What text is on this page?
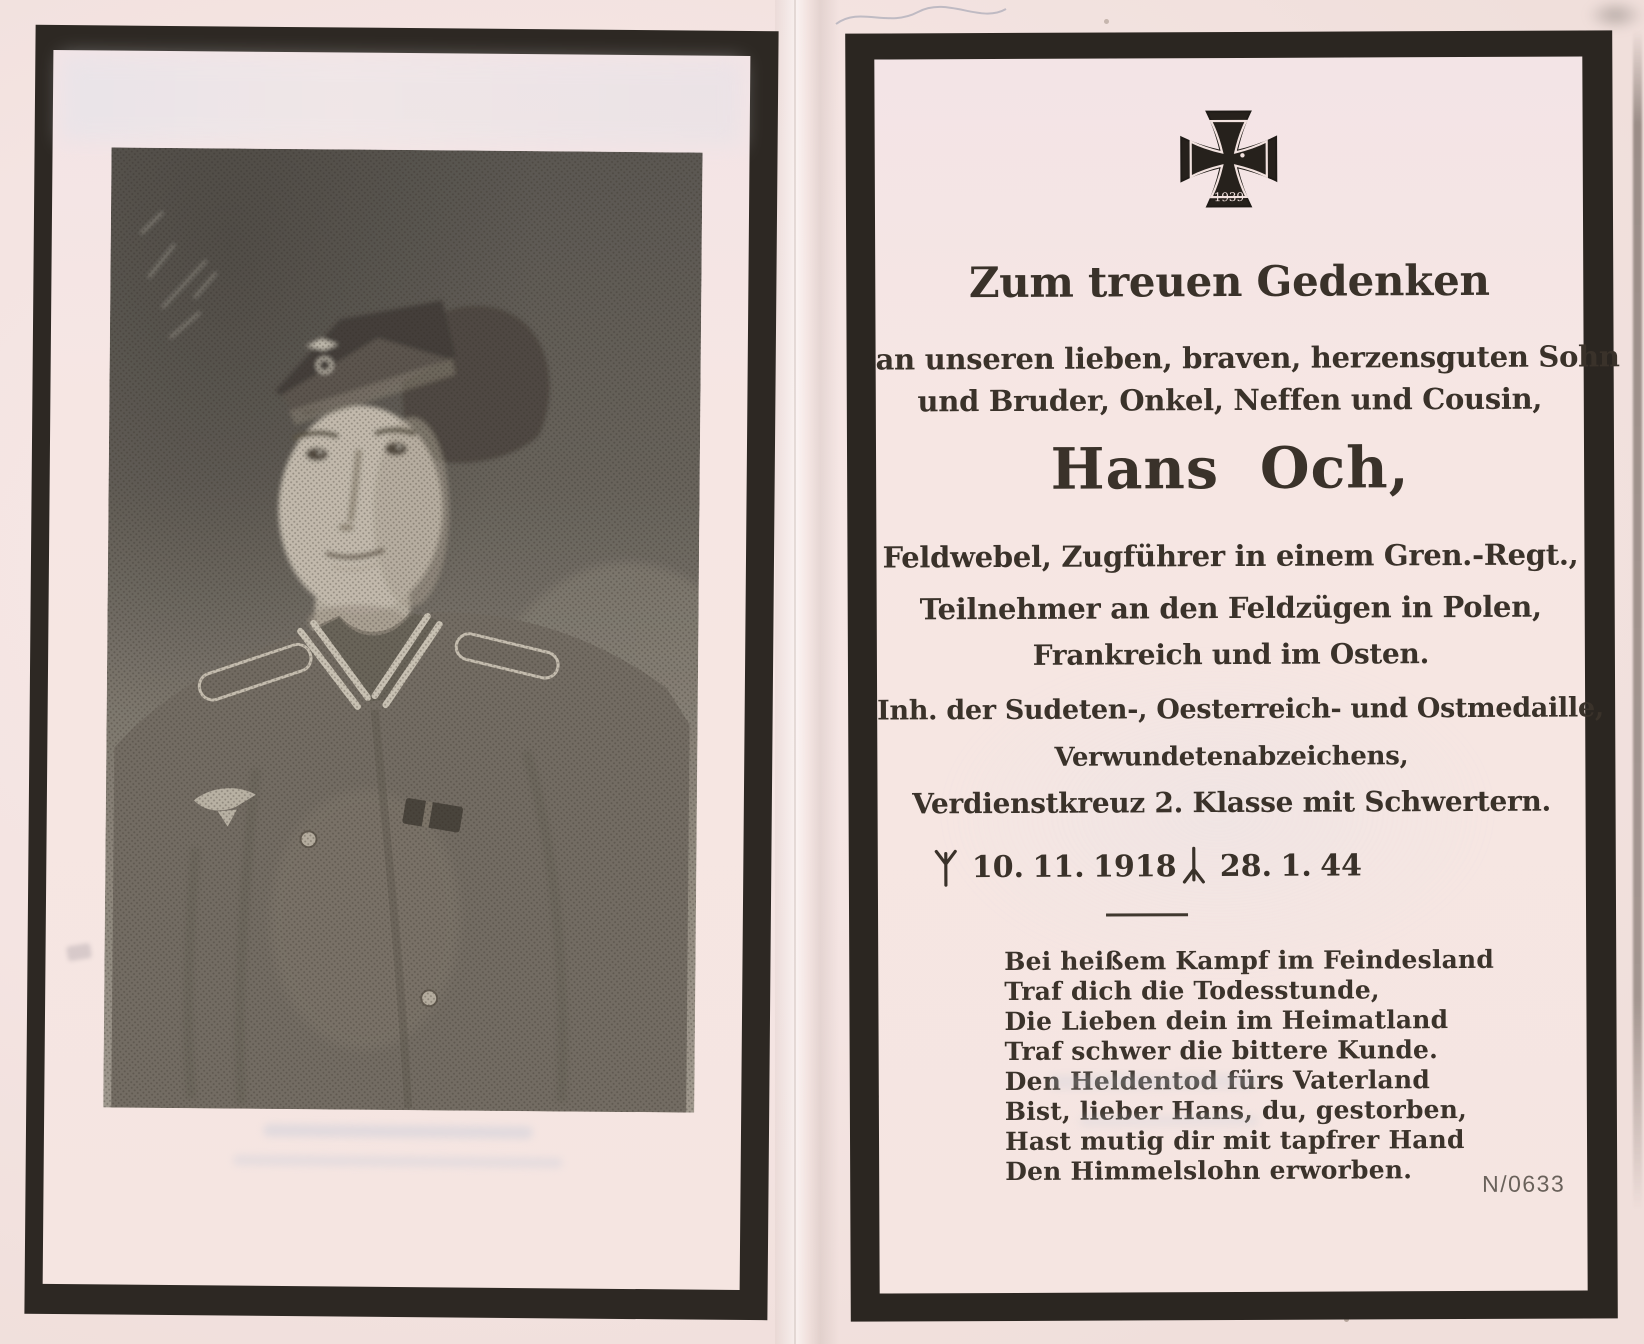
1939
Zum treuen Gedenken

an unseren lieben, braven, herzensguten Sohn

und Bruder, Onkel, Neffen und Cousin,

Hans Och,

Feldwebel, Zugführer in einem Gren.-Regt.,

Teilnehmer an den Feldzügen in Polen,

Frankreich und im Osten.

Inh. der Sudeten-, Oesterreich- und Ostmedaille,

Verwundetenabzeichens,

Verdienstkreuz 2. Klasse mit Schwertern.

10. 11. 1918 28. 1. 44

Bei heißem Kampf im Feindesland

Traf dich die Todesstunde,

Die Lieben dein im Heimatland

Traf schwer die bittere Kunde.

Den Heldentod fürs Vaterland

Bist, lieber Hans, du, gestorben,

Hast mutig dir mit tapfrer Hand

Den Himmelslohn erworben.	N/0633
